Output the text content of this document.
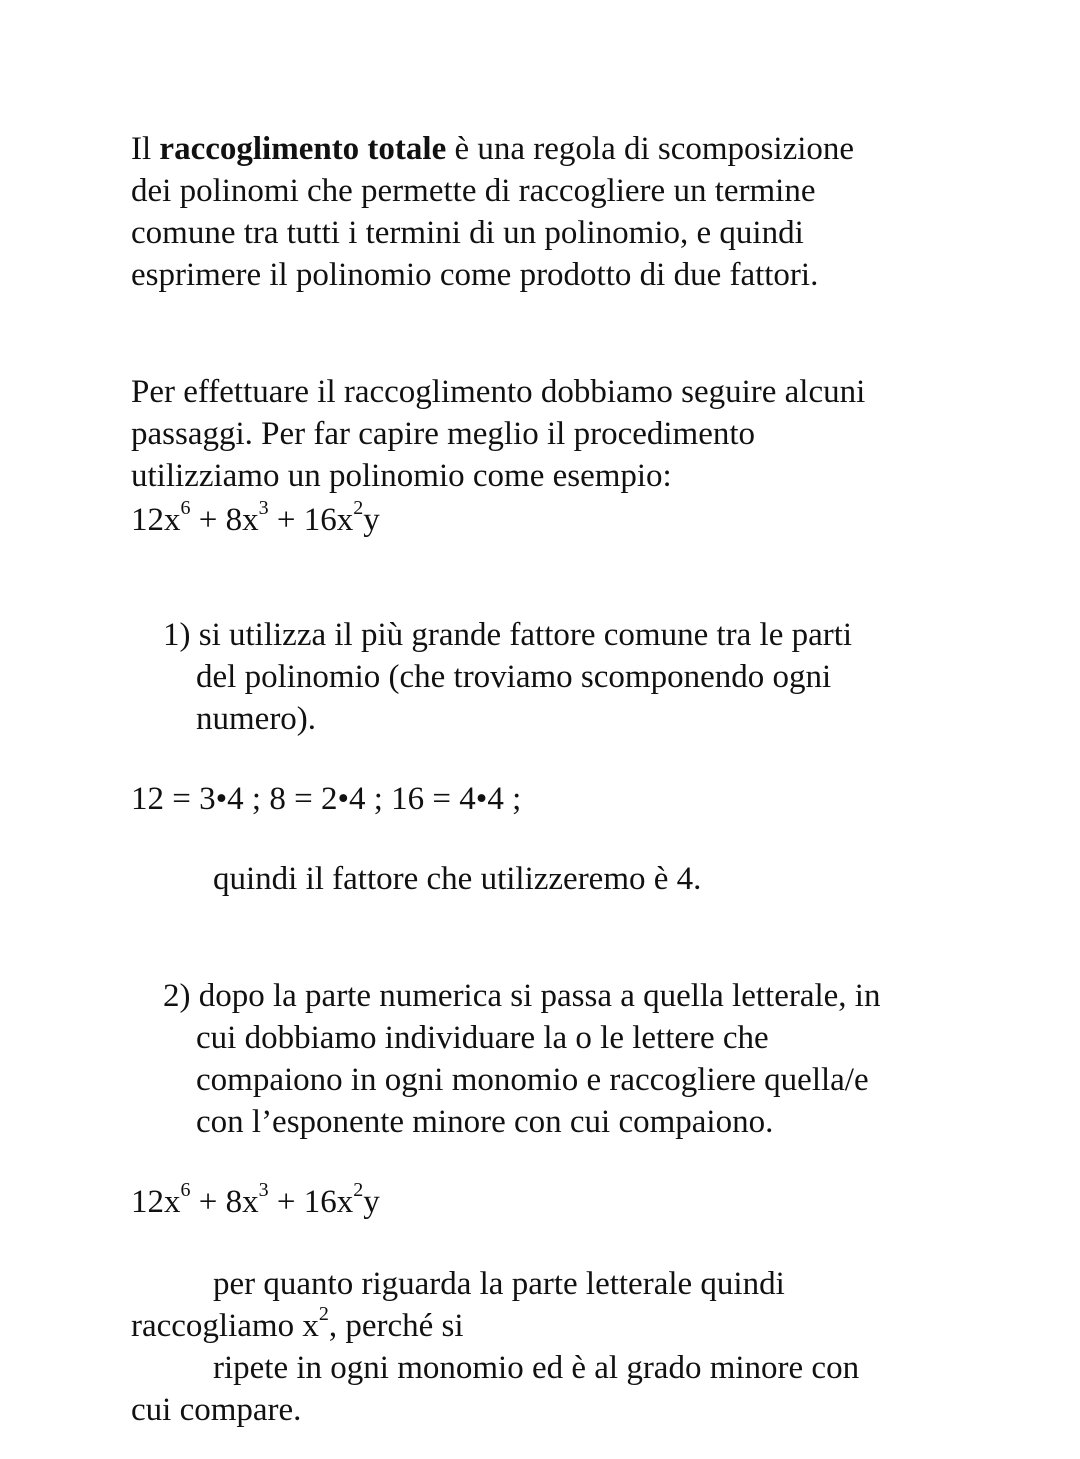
Il raccoglimento totale è una regola di scomposizione
dei polinomi che permette di raccogliere un termine
comune tra tutti i termini di un polinomio, e quindi
esprimere il polinomio come prodotto di due fattori.
Per effettuare il raccoglimento dobbiamo seguire alcuni
passaggi. Per far capire meglio il procedimento
utilizziamo un polinomio come esempio:
$12x^6 + 8x^3 + 16x^2y$
1) si utilizza il più grande fattore comune tra le parti
del polinomio (che troviamo scomponendo ogni
numero).
12 = 3•4 ; 8 = 2•4 ; 16 = 4•4 ;
quindi il fattore che utilizzeremo è 4.
2) dopo la parte numerica si passa a quella letterale, in
cui dobbiamo individuare la o le lettere che
compaiono in ogni monomio e raccogliere quella/e
con l’esponente minore con cui compaiono.
$12x^6 + 8x^3 + 16x^2y$
per quanto riguarda la parte letterale quindi
raccogliamo $x^2$, perché si
ripete in ogni monomio ed è al grado minore con
cui compare.
